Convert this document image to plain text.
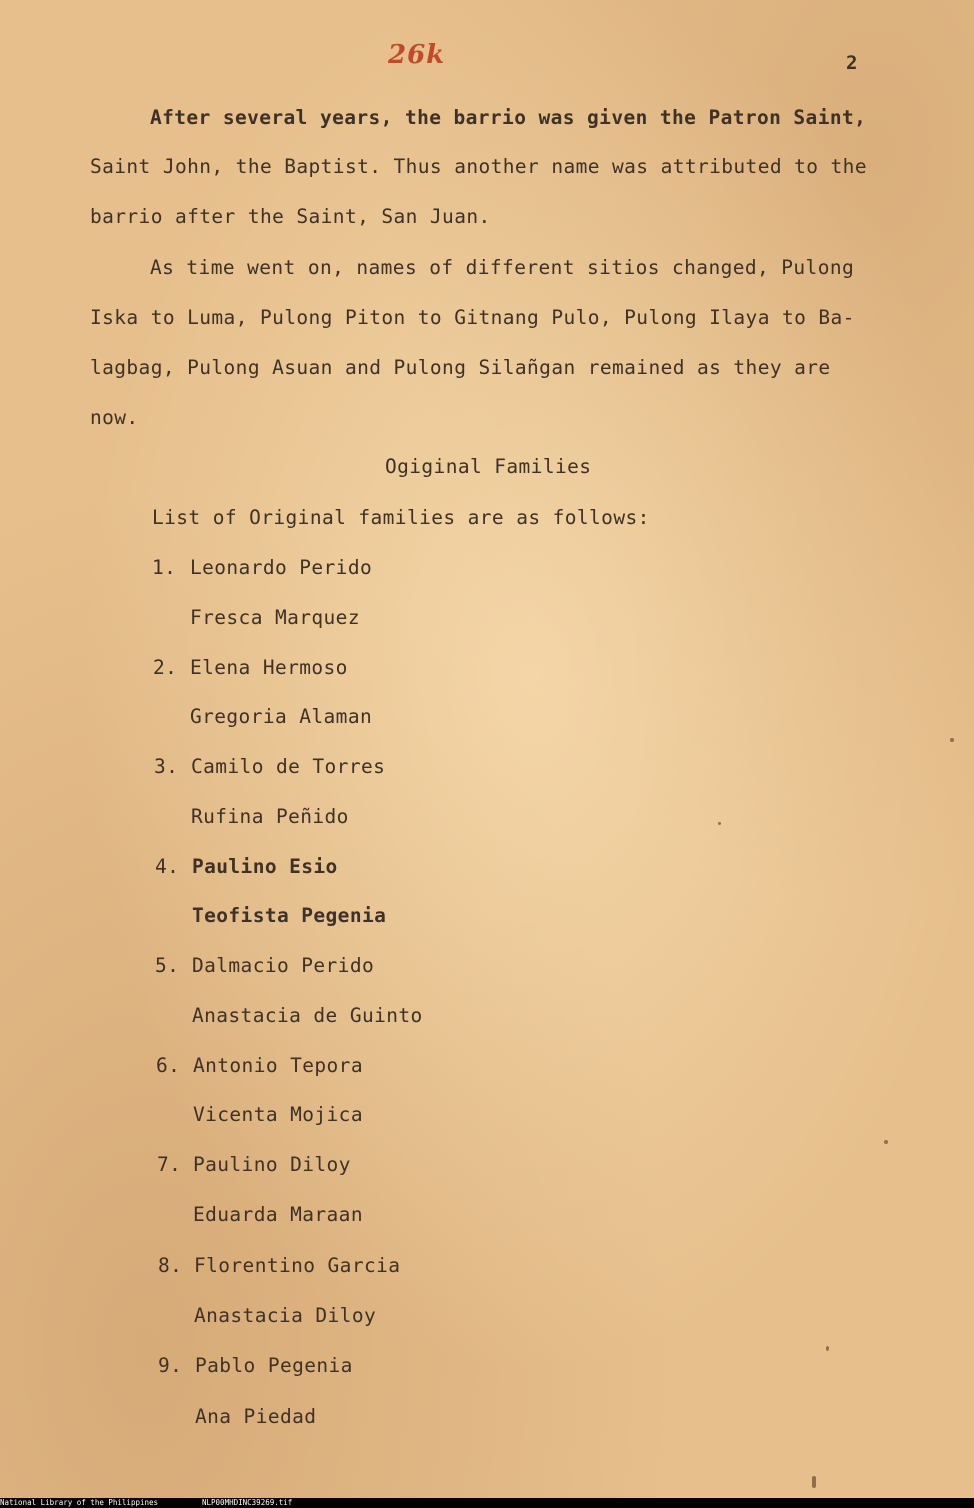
26k	2

After several years, the barrio was given the Patron Saint,

Saint John, the Baptist. Thus another name was attributed to the

barrio after the Saint, San Juan.

As time went on, names of different sitios changed, Pulong

Iska to Luma, Pulong Piton to Gitnang Pulo, Pulong Ilaya to Ba-

lagbag, Pulong Asuan and Pulong Silañgan remained as they are

now.

Ogiginal Families

List of Original families are as follows:

1. Leonardo Perido

Fresca Marquez

2. Elena Hermoso

Gregoria Alaman

3. Camilo de Torres

Rufina Peñido

4. Paulino Esio

Teofista Pegenia

5. Dalmacio Perido

Anastacia de Guinto

6. Antonio Tepora

Vicenta Mojica

7. Paulino Diloy

Eduarda Maraan

8. Florentino Garcia

Anastacia Diloy

9. Pablo Pegenia

Ana Piedad

National Library of the Philippines	NLP00MHDINC39269.tif
